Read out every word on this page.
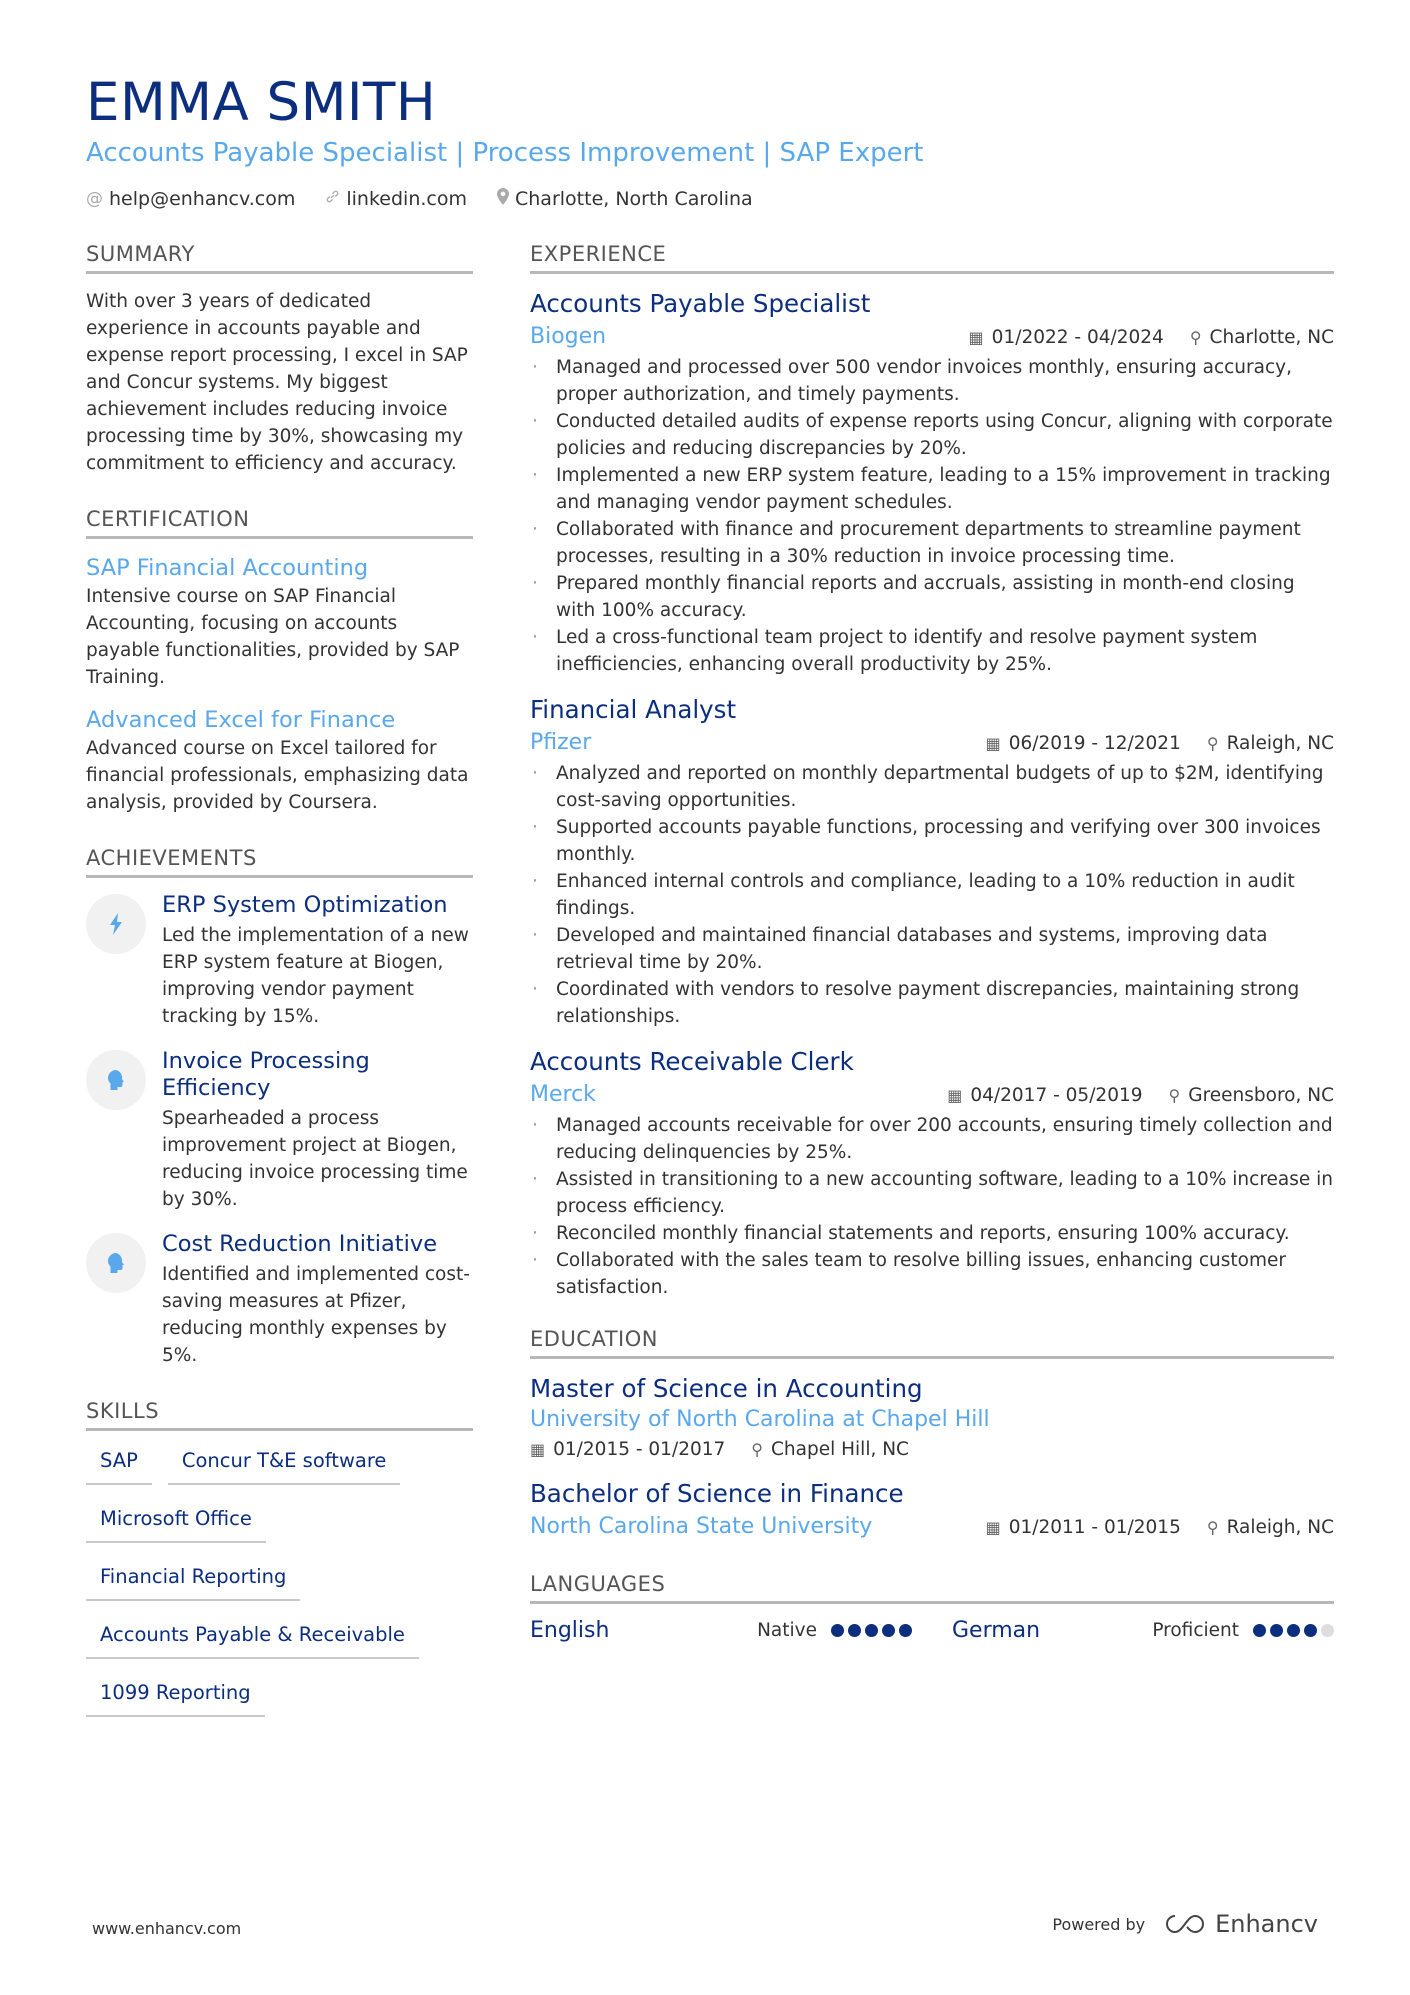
EMMA SMITH
Accounts Payable Specialist | Process Improvement | SAP Expert
@ help@enhancv.com	linkedin.com	Charlotte, North Carolina
SUMMARY
With over 3 years of dedicated experience in accounts payable and expense report processing, I excel in SAP and Concur systems. My biggest achievement includes reducing invoice processing time by 30%, showcasing my commitment to efficiency and accuracy.
CERTIFICATION
SAP Financial Accounting
Intensive course on SAP Financial Accounting, focusing on accounts payable functionalities, provided by SAP Training.
Advanced Excel for Finance
Advanced course on Excel tailored for financial professionals, emphasizing data analysis, provided by Coursera.
ACHIEVEMENTS
ERP System Optimization
Led the implementation of a new ERP system feature at Biogen, improving vendor payment tracking by 15%.
Invoice Processing Efficiency
Spearheaded a process improvement project at Biogen, reducing invoice processing time by 30%.
Cost Reduction Initiative
Identified and implemented cost-saving measures at Pfizer, reducing monthly expenses by 5%.
SKILLS
SAP	Concur T&E software
Microsoft Office
Financial Reporting
Accounts Payable & Receivable
1099 Reporting
EXPERIENCE
Accounts Payable Specialist
Biogen	▦ 01/2022 - 04/2024 ⚲ Charlotte, NC
· Managed and processed over 500 vendor invoices monthly, ensuring accuracy, proper authorization, and timely payments.
· Conducted detailed audits of expense reports using Concur, aligning with corporate policies and reducing discrepancies by 20%.
· Implemented a new ERP system feature, leading to a 15% improvement in tracking and managing vendor payment schedules.
· Collaborated with finance and procurement departments to streamline payment processes, resulting in a 30% reduction in invoice processing time.
· Prepared monthly financial reports and accruals, assisting in month-end closing with 100% accuracy.
· Led a cross-functional team project to identify and resolve payment system inefficiencies, enhancing overall productivity by 25%.
Financial Analyst
Pfizer	▦ 06/2019 - 12/2021 ⚲ Raleigh, NC
· Analyzed and reported on monthly departmental budgets of up to $2M, identifying cost-saving opportunities.
· Supported accounts payable functions, processing and verifying over 300 invoices monthly.
· Enhanced internal controls and compliance, leading to a 10% reduction in audit findings.
· Developed and maintained financial databases and systems, improving data retrieval time by 20%.
· Coordinated with vendors to resolve payment discrepancies, maintaining strong relationships.
Accounts Receivable Clerk
Merck	▦ 04/2017 - 05/2019 ⚲ Greensboro, NC
· Managed accounts receivable for over 200 accounts, ensuring timely collection and reducing delinquencies by 25%.
· Assisted in transitioning to a new accounting software, leading to a 10% increase in process efficiency.
· Reconciled monthly financial statements and reports, ensuring 100% accuracy.
· Collaborated with the sales team to resolve billing issues, enhancing customer satisfaction.
EDUCATION
Master of Science in Accounting
University of North Carolina at Chapel Hill
▦ 01/2015 - 01/2017 ⚲ Chapel Hill, NC
Bachelor of Science in Finance
North Carolina State University	▦ 01/2011 - 01/2015 ⚲ Raleigh, NC
LANGUAGES
English	Native	German	Proficient
www.enhancv.com	Powered by	Enhancv
